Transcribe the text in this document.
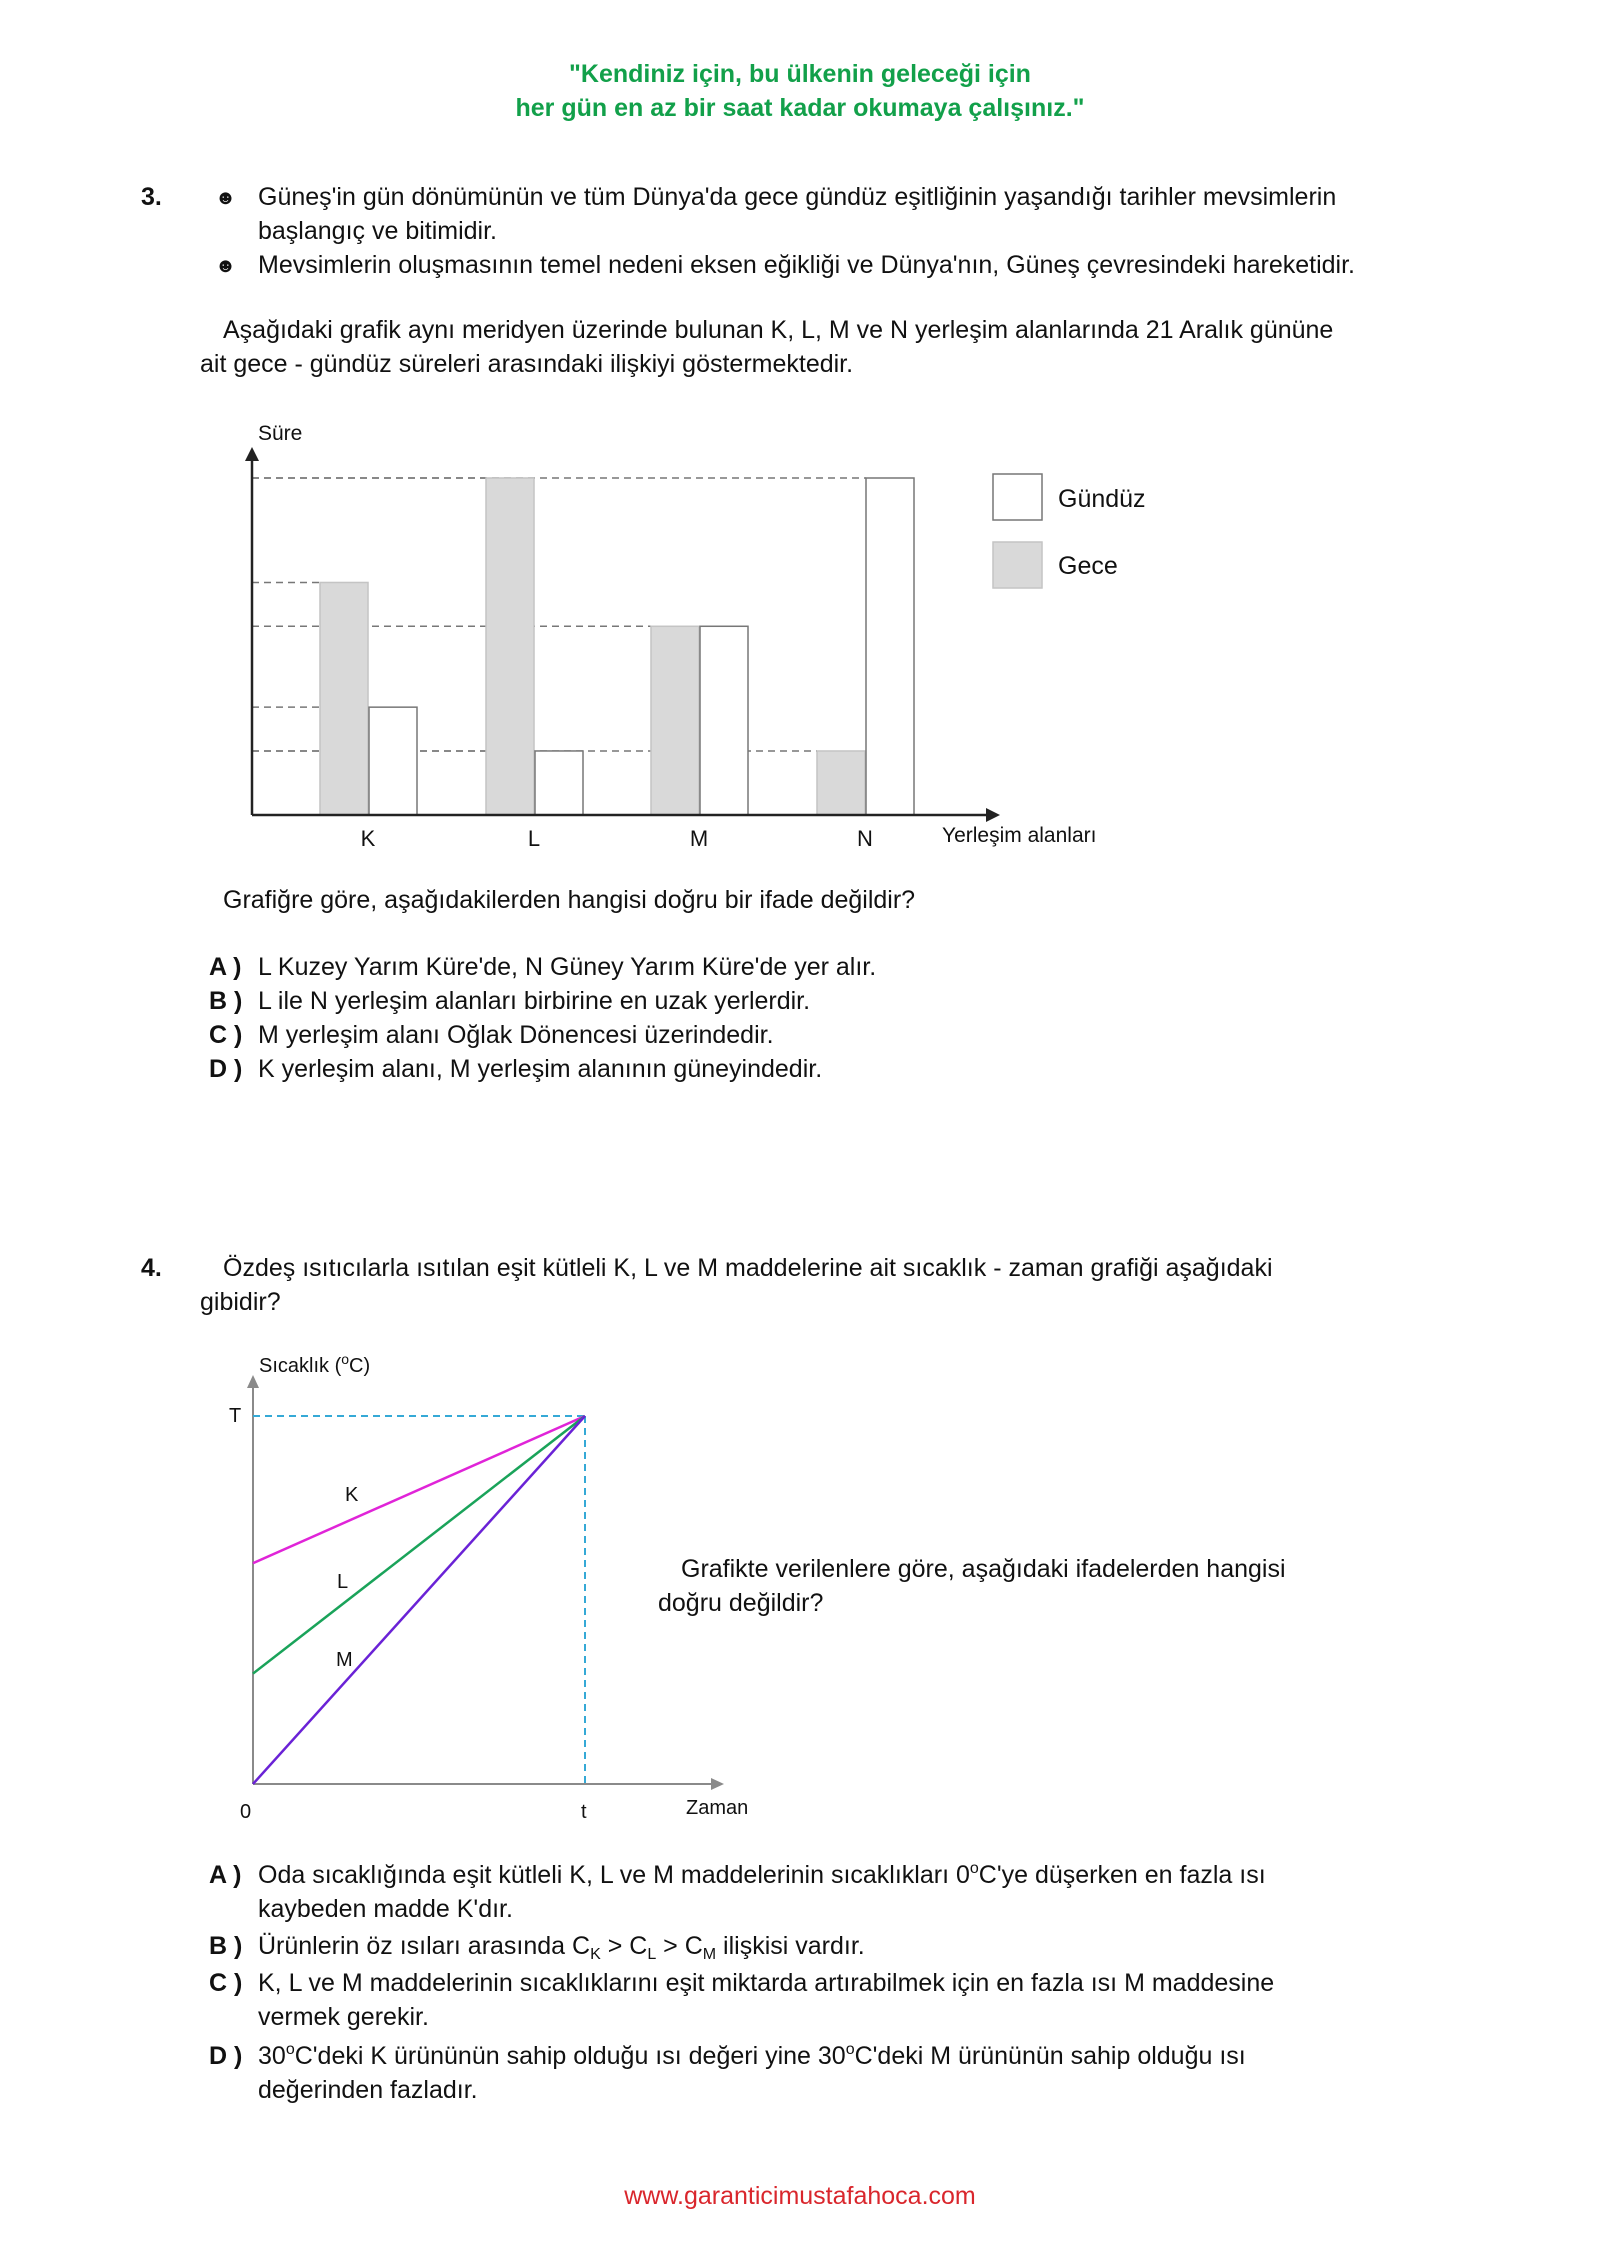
"Kendiniz için, bu ülkenin geleceği için
her gün en az bir saat kadar okumaya çalışınız."
3.	☻ Güneş'in gün dönümünün ve tüm Dünya'da gece gündüz eşitliğinin yaşandığı tarihler mevsimlerin
başlangıç ve bitimidir.
☻ Mevsimlerin oluşmasının temel nedeni eksen eğikliği ve Dünya'nın, Güneş çevresindeki hareketidir.
Aşağıdaki grafik aynı meridyen üzerinde bulunan K, L, M ve N yerleşim alanlarında 21 Aralık gününe
ait gece - gündüz süreleri arasındaki ilişkiyi göstermektedir.
Süre
Yerleşim alanları
K	L	M	N
Gündüz
Gece
Grafiğre göre, aşağıdakilerden hangisi doğru bir ifade değildir?
A ) L Kuzey Yarım Küre'de, N Güney Yarım Küre'de yer alır.
B ) L ile N yerleşim alanları birbirine en uzak yerlerdir.
C ) M yerleşim alanı Oğlak Dönencesi üzerindedir.
D ) K yerleşim alanı, M yerleşim alanının güneyindedir.
4. Özdeş ısıtıcılarla ısıtılan eşit kütleli K, L ve M maddelerine ait sıcaklık - zaman grafiği aşağıdaki
gibidir?
Sıcaklık ($^o$C)
T
0	t	Zaman
K
L
M
Grafikte verilenlere göre, aşağıdaki ifadelerden hangisi
doğru değildir?
A ) Oda sıcaklığında eşit kütleli K, L ve M maddelerinin sıcaklıkları 0$^o$C'ye düşerken en fazla ısı
kaybeden madde K'dır.
B ) Ürünlerin öz ısıları arasında $C_K > C_L > C_M$ ilişkisi vardır.
C ) K, L ve M maddelerinin sıcaklıklarını eşit miktarda artırabilmek için en fazla ısı M maddesine
vermek gerekir.
D ) 30$^o$C'deki K ürününün sahip olduğu ısı değeri yine 30$^o$C'deki M ürününün sahip olduğu ısı
değerinden fazladır.
www.garanticimustafahoca.com
